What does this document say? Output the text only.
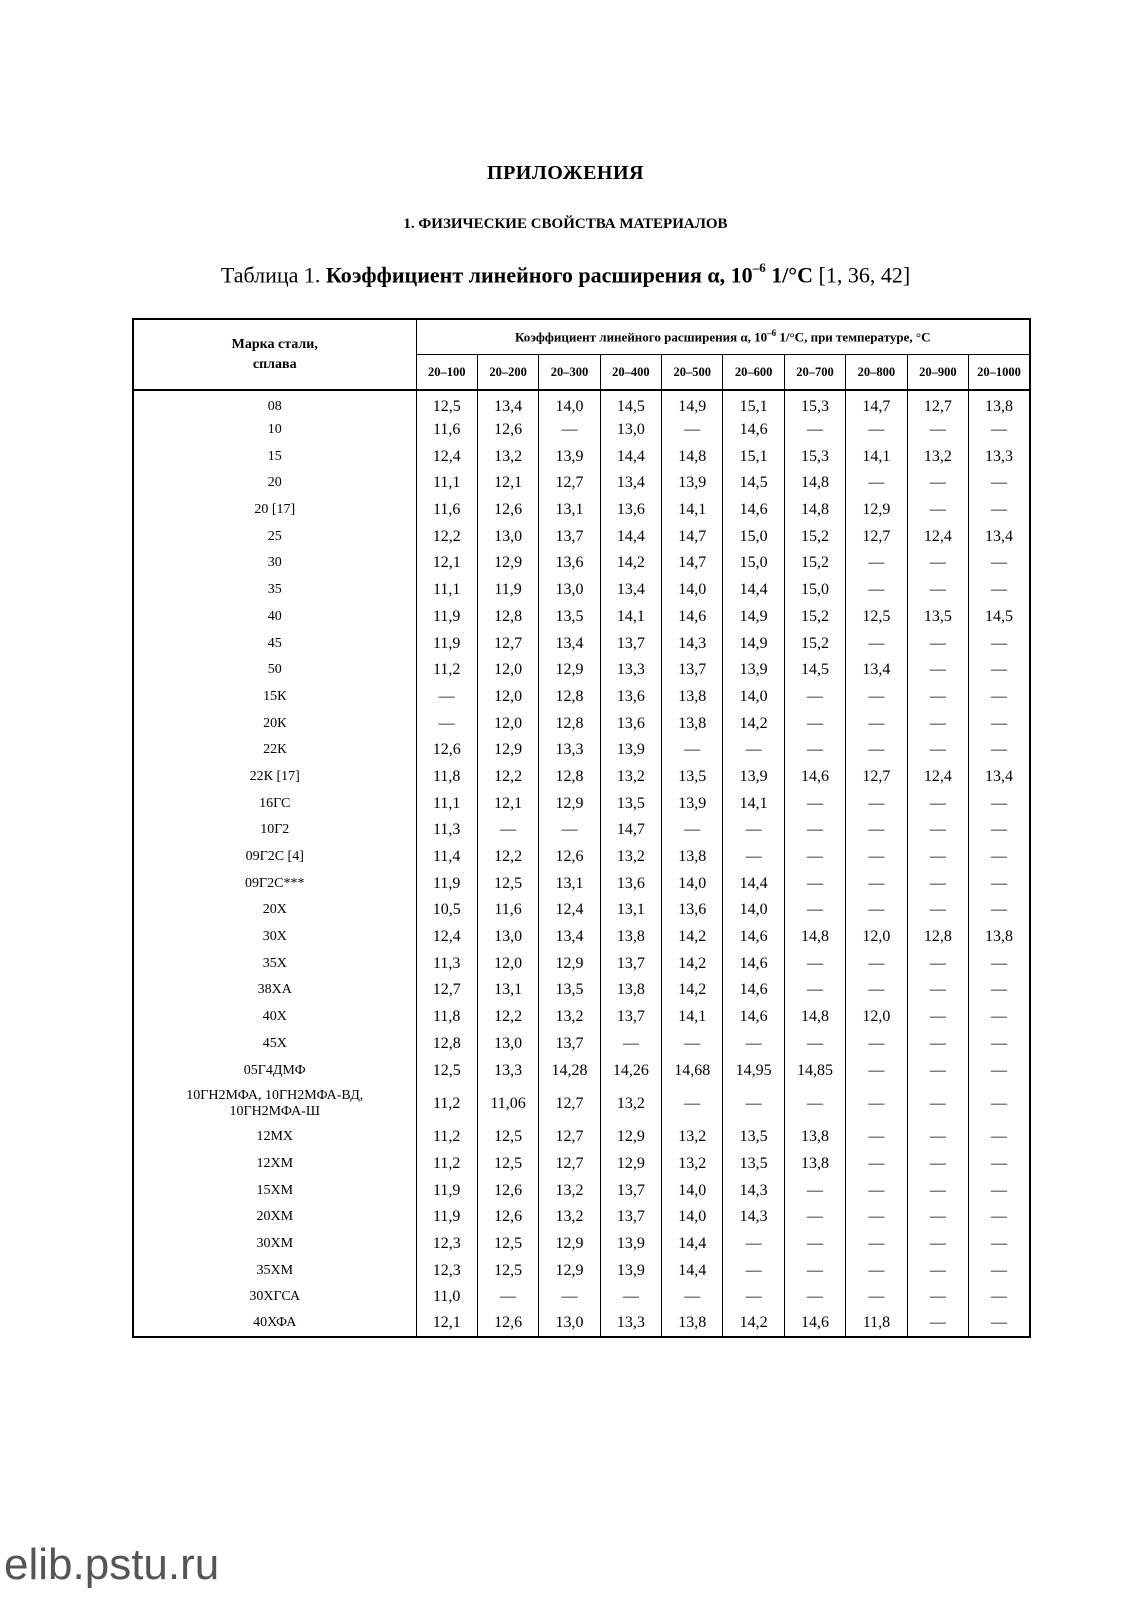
ПРИЛОЖЕНИЯ
1. ФИЗИЧЕСКИЕ СВОЙСТВА МАТЕРИАЛОВ
Таблица 1. Коэффициент линейного расширения α, $10^{-6}$ 1/°C [1, 36, 42]
Марка стали,
сплава	Коэффициент линейного расширения α, $10^{-6}$ 1/°C, при температуре, °C									
	20–100	20–200	20–300	20–400	20–500	20–600	20–700	20–800	20–900	20–1000
08	12,5	13,4	14,0	14,5	14,9	15,1	15,3	14,7	12,7	13,8
10	11,6	12,6	—	13,0	—	14,6	—	—	—	—
15	12,4	13,2	13,9	14,4	14,8	15,1	15,3	14,1	13,2	13,3
20	11,1	12,1	12,7	13,4	13,9	14,5	14,8	—	—	—
20 [17]	11,6	12,6	13,1	13,6	14,1	14,6	14,8	12,9	—	—
25	12,2	13,0	13,7	14,4	14,7	15,0	15,2	12,7	12,4	13,4
30	12,1	12,9	13,6	14,2	14,7	15,0	15,2	—	—	—
35	11,1	11,9	13,0	13,4	14,0	14,4	15,0	—	—	—
40	11,9	12,8	13,5	14,1	14,6	14,9	15,2	12,5	13,5	14,5
45	11,9	12,7	13,4	13,7	14,3	14,9	15,2	—	—	—
50	11,2	12,0	12,9	13,3	13,7	13,9	14,5	13,4	—	—
15К	—	12,0	12,8	13,6	13,8	14,0	—	—	—	—
20К	—	12,0	12,8	13,6	13,8	14,2	—	—	—	—
22К	12,6	12,9	13,3	13,9	—	—	—	—	—	—
22К [17]	11,8	12,2	12,8	13,2	13,5	13,9	14,6	12,7	12,4	13,4
16ГС	11,1	12,1	12,9	13,5	13,9	14,1	—	—	—	—
10Г2	11,3	—	—	14,7	—	—	—	—	—	—
09Г2С [4]	11,4	12,2	12,6	13,2	13,8	—	—	—	—	—
09Г2С***	11,9	12,5	13,1	13,6	14,0	14,4	—	—	—	—
20Х	10,5	11,6	12,4	13,1	13,6	14,0	—	—	—	—
30Х	12,4	13,0	13,4	13,8	14,2	14,6	14,8	12,0	12,8	13,8
35Х	11,3	12,0	12,9	13,7	14,2	14,6	—	—	—	—
38ХА	12,7	13,1	13,5	13,8	14,2	14,6	—	—	—	—
40Х	11,8	12,2	13,2	13,7	14,1	14,6	14,8	12,0	—	—
45Х	12,8	13,0	13,7	—	—	—	—	—	—	—
05Г4ДМФ	12,5	13,3	14,28	14,26	14,68	14,95	14,85	—	—	—
10ГН2МФА, 10ГН2МФА-ВД,
10ГН2МФА-Ш	11,2	11,06	12,7	13,2	—	—	—	—	—	—
12МХ	11,2	12,5	12,7	12,9	13,2	13,5	13,8	—	—	—
12ХМ	11,2	12,5	12,7	12,9	13,2	13,5	13,8	—	—	—
15ХМ	11,9	12,6	13,2	13,7	14,0	14,3	—	—	—	—
20ХМ	11,9	12,6	13,2	13,7	14,0	14,3	—	—	—	—
30ХМ	12,3	12,5	12,9	13,9	14,4	—	—	—	—	—
35ХМ	12,3	12,5	12,9	13,9	14,4	—	—	—	—	—
30ХГСА	11,0	—	—	—	—	—	—	—	—	—
40ХФА	12,1	12,6	13,0	13,3	13,8	14,2	14,6	11,8	—	—
elib.pstu.ru
